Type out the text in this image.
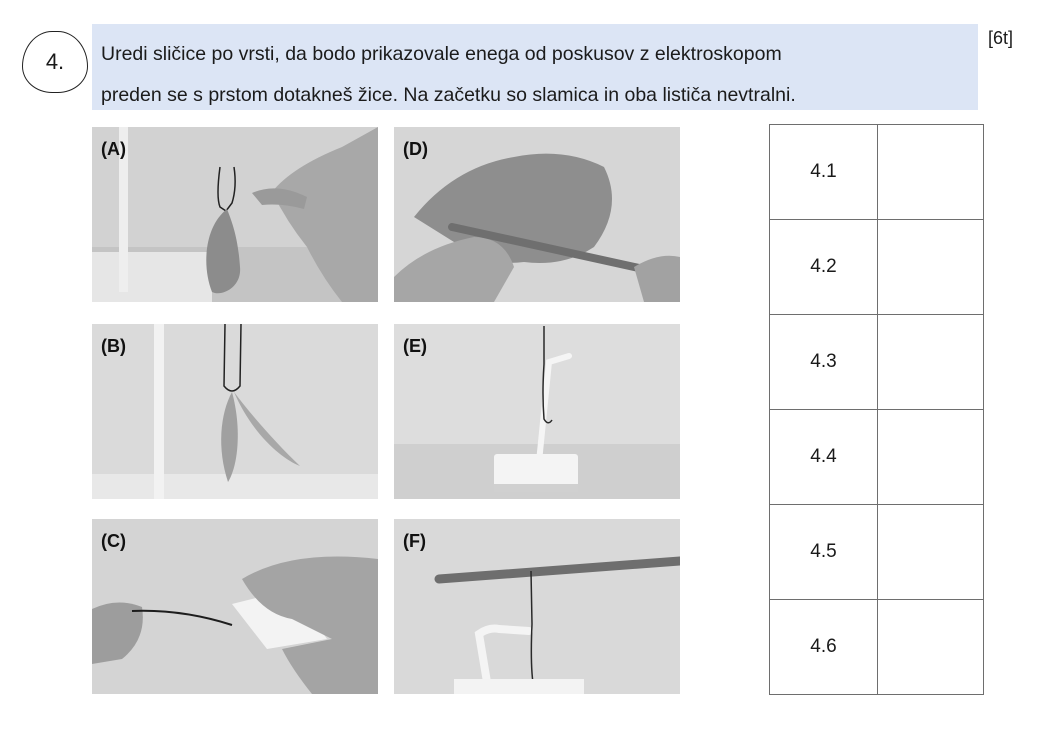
4. Uredi sličice po vrsti, da bodo prikazovale enega od poskusov z elektroskopom
preden se s prstom dotakneš žice. Na začetku so slamica in oba lističa nevtralni.
[6t]
(A)
(B)
(C)
(D)
(E)
(F)
4.1	
4.2	
4.3	
4.4	
4.5	
4.6	
